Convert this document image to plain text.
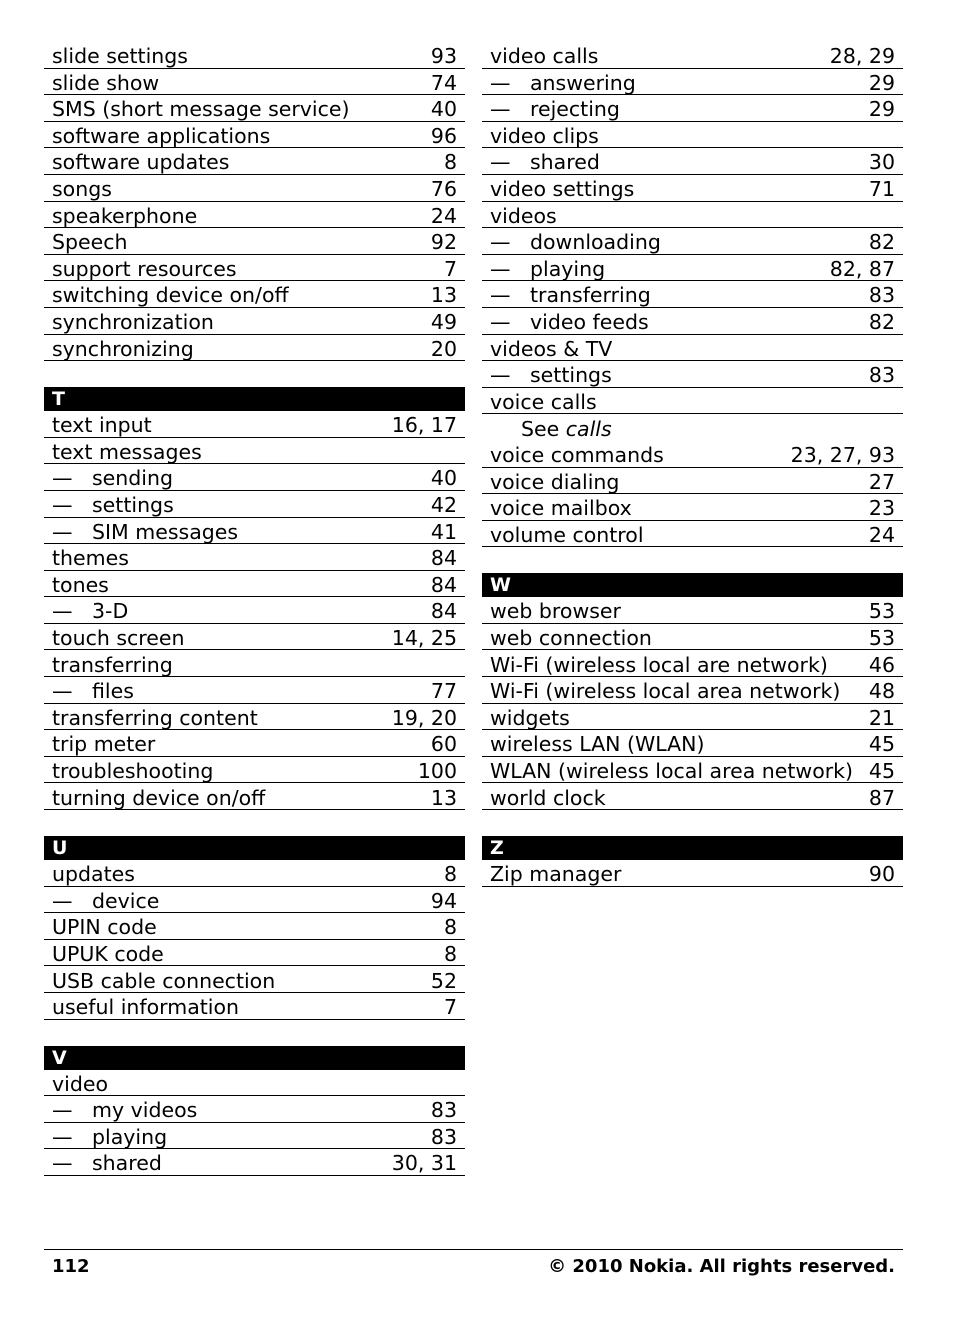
slide settings	93
slide show	74
SMS (short message service)	40
software applications	96
software updates	8
songs	76
speakerphone	24
Speech	92
support resources	7
switching device on/off	13
synchronization	49
synchronizing	20
T
text input	16, 17
text messages
— sending	40
— settings	42
— SIM messages	41
themes	84
tones	84
— 3-D	84
touch screen	14, 25
transferring
— files	77
transferring content	19, 20
trip meter	60
troubleshooting	100
turning device on/off	13
U
updates	8
— device	94
UPIN code	8
UPUK code	8
USB cable connection	52
useful information	7
V
video
— my videos	83
— playing	83
— shared	30, 31
video calls	28, 29
— answering	29
— rejecting	29
video clips
— shared	30
video settings	71
videos
— downloading	82
— playing	82, 87
— transferring	83
— video feeds	82
videos & TV
— settings	83
voice calls
See calls
voice commands	23, 27, 93
voice dialing	27
voice mailbox	23
volume control	24
W
web browser	53
web connection	53
Wi-Fi (wireless local are network) 46
Wi-Fi (wireless local area network) 48
widgets	21
wireless LAN (WLAN)	45
WLAN (wireless local area network) 45
world clock	87
Z
Zip manager	90
112	© 2010 Nokia. All rights reserved.
